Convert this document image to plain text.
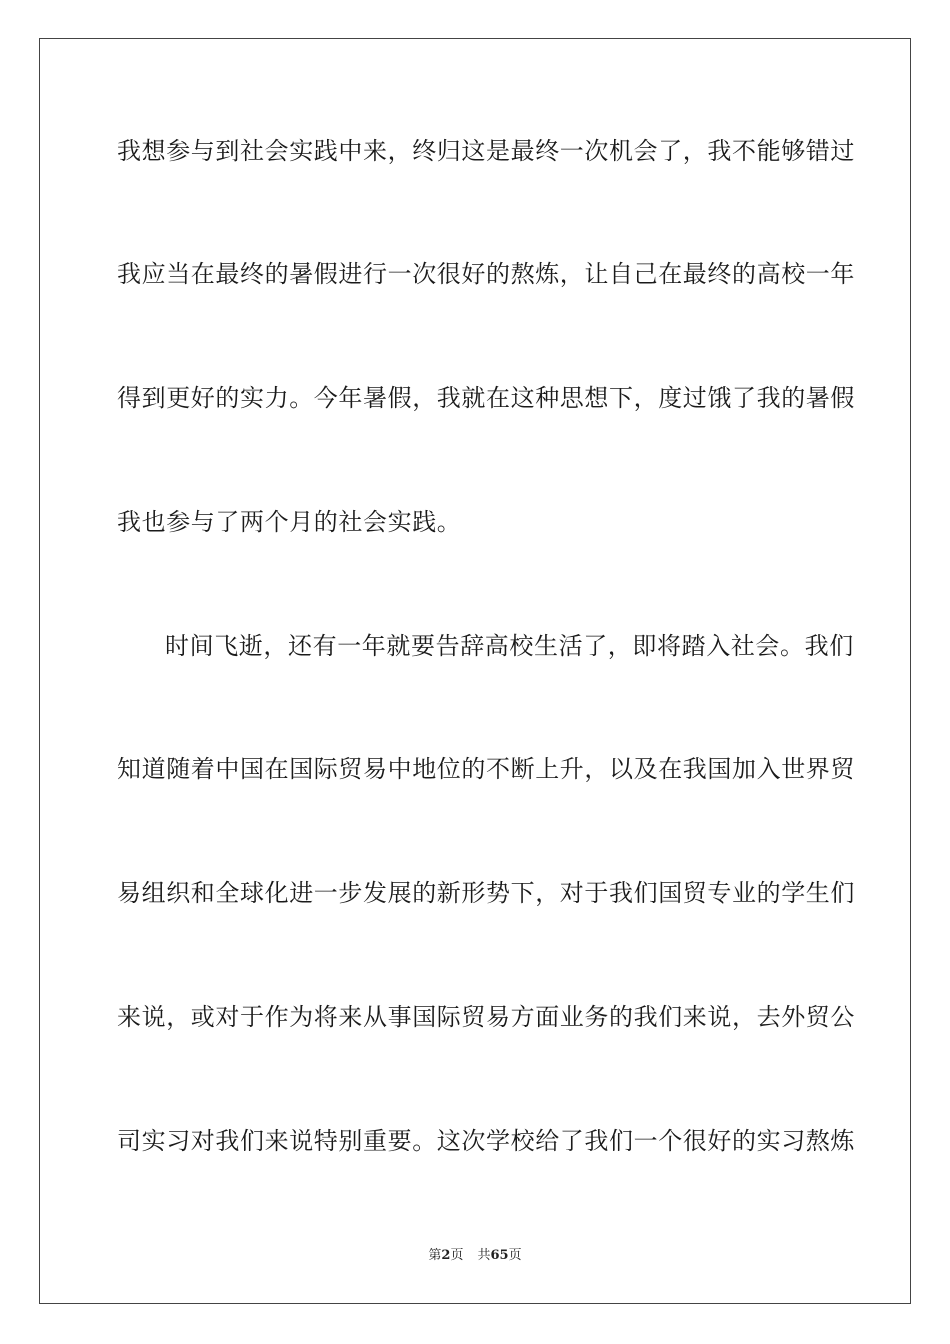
我想参与到社会实践中来，终归这是最终一次机会了，我不能够错过
我应当在最终的暑假进行一次很好的熬炼，让自己在最终的高校一年
得到更好的实力。今年暑假，我就在这种思想下，度过饿了我的暑假
我也参与了两个月的社会实践。
时间飞逝，还有一年就要告辞高校生活了，即将踏入社会。我们
知道随着中国在国际贸易中地位的不断上升，以及在我国加入世界贸
易组织和全球化进一步发展的新形势下，对于我们国贸专业的学生们
来说，或对于作为将来从事国际贸易方面业务的我们来说，去外贸公
司实习对我们来说特别重要。这次学校给了我们一个很好的实习熬炼
第2页 共65页
